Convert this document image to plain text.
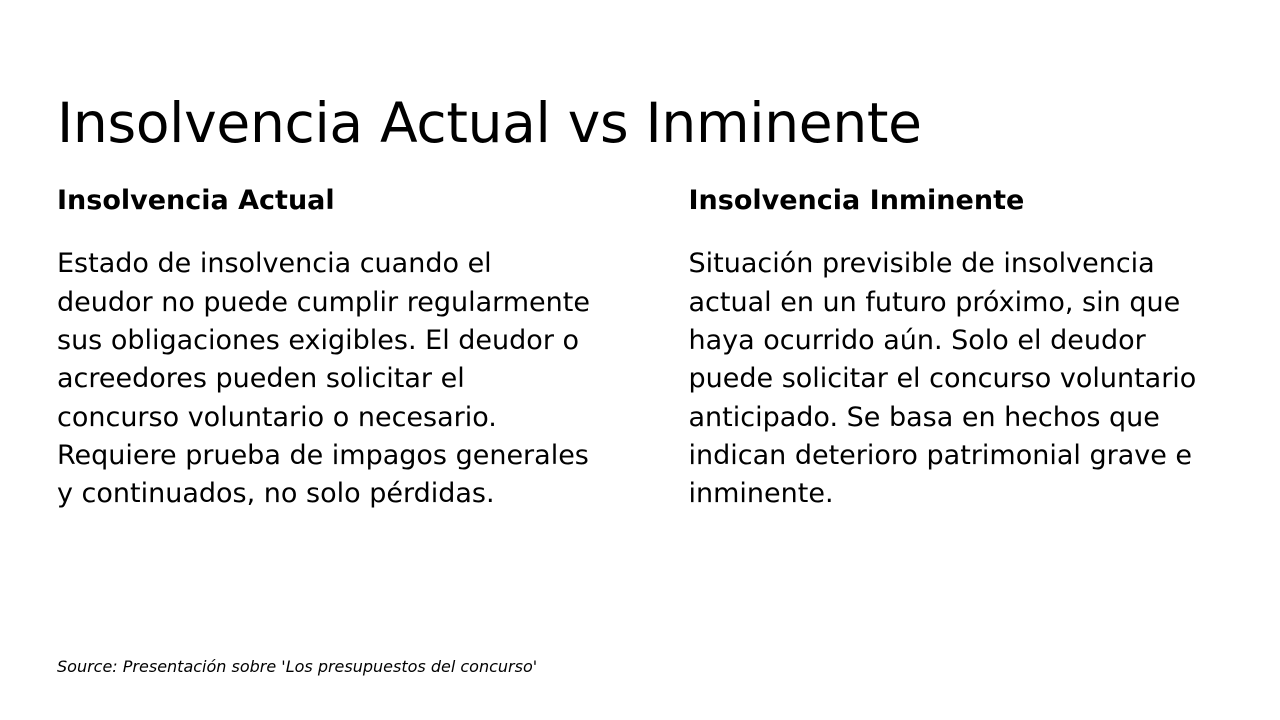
Insolvencia Actual vs Inminente
Insolvencia Actual

Estado de insolvencia cuando el deudor no puede cumplir regularmente sus obligaciones exigibles. El deudor o acreedores pueden solicitar el concurso voluntario o necesario. Requiere prueba de impagos generales y continuados, no solo pérdidas.

Insolvencia Inminente

Situación previsible de insolvencia actual en un futuro próximo, sin que haya ocurrido aún. Solo el deudor puede solicitar el concurso voluntario anticipado. Se basa en hechos que indican deterioro patrimonial grave e inminente.

Source: Presentación sobre 'Los presupuestos del concurso'
